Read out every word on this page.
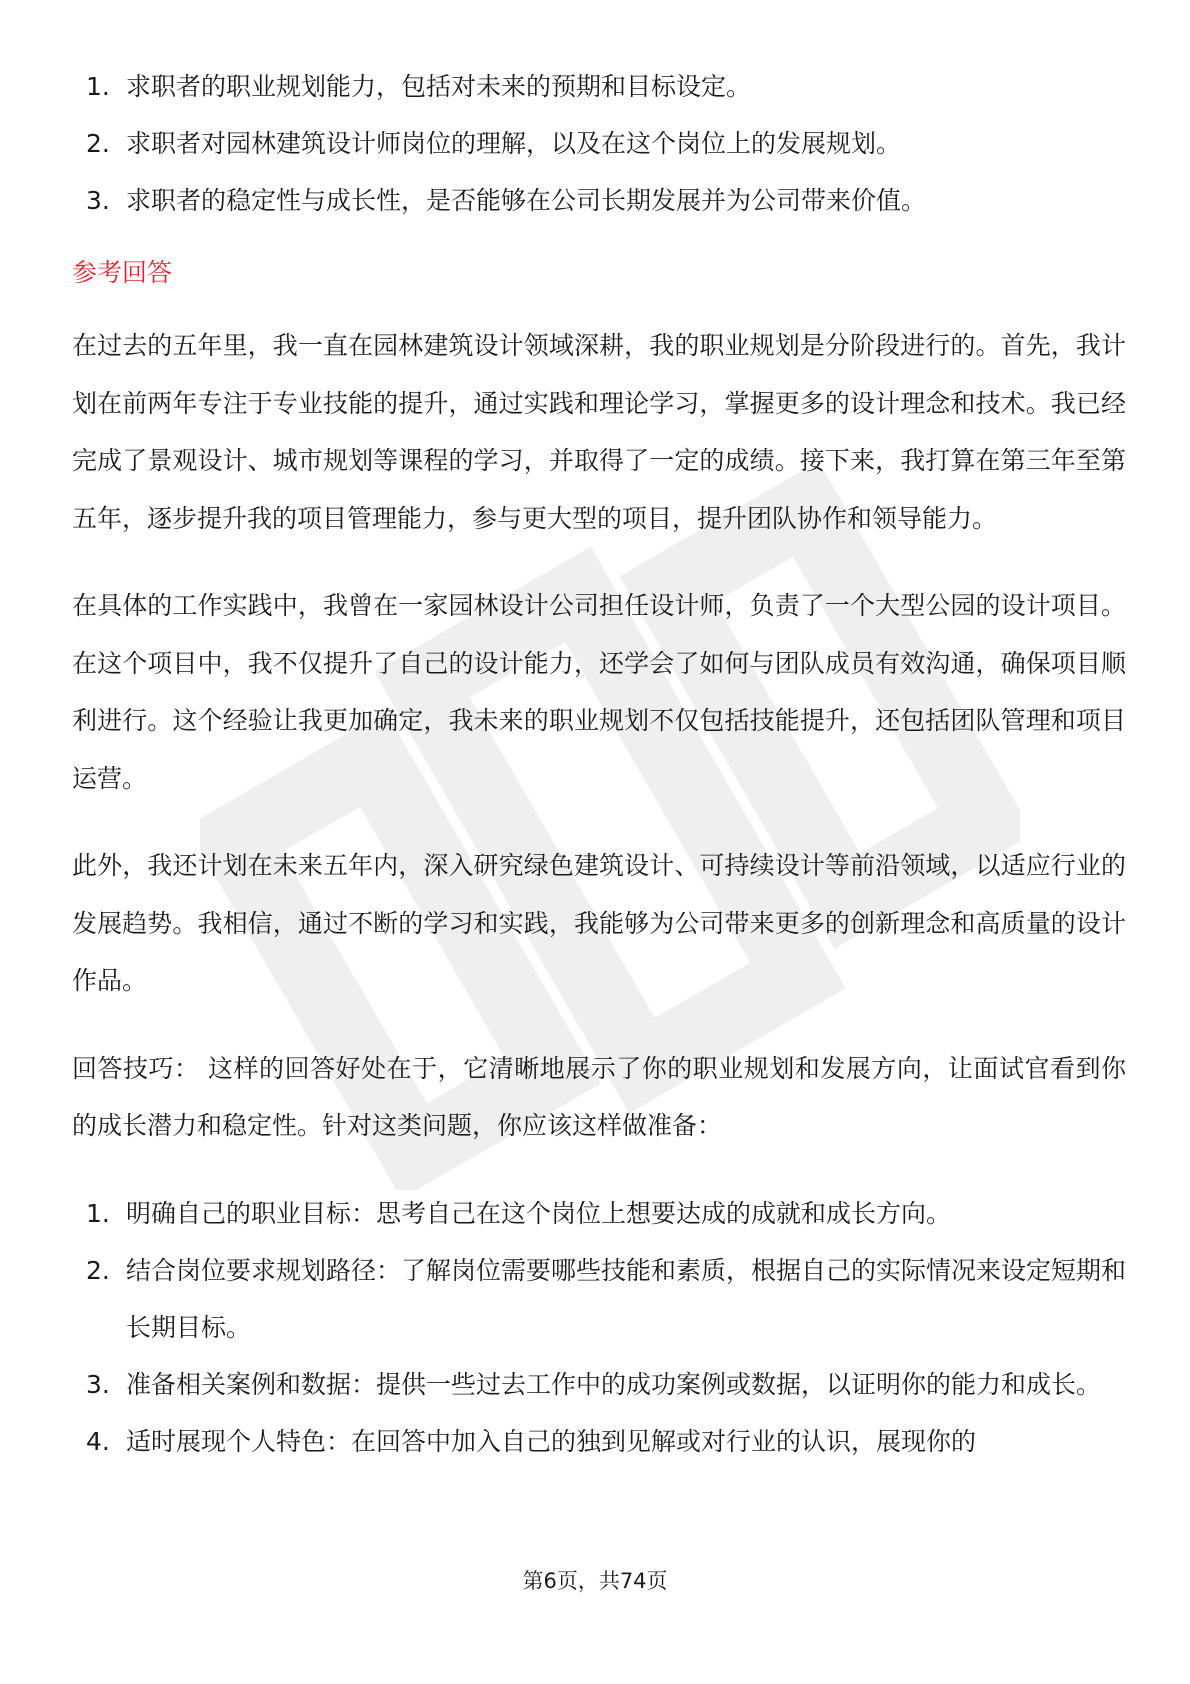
1. 求职者的职业规划能力，包括对未来的预期和目标设定。
2. 求职者对园林建筑设计师岗位的理解，以及在这个岗位上的发展规划。
3. 求职者的稳定性与成长性，是否能够在公司长期发展并为公司带来价值。
参考回答

在过去的五年里，我一直在园林建筑设计领域深耕，我的职业规划是分阶段进行的。首先，我计划在前两年专注于专业技能的提升，通过实践和理论学习，掌握更多的设计理念和技术。我已经完成了景观设计、城市规划等课程的学习，并取得了一定的成绩。接下来，我打算在第三年至第五年，逐步提升我的项目管理能力，参与更大型的项目，提升团队协作和领导能力。

在具体的工作实践中，我曾在一家园林设计公司担任设计师，负责了一个大型公园的设计项目。在这个项目中，我不仅提升了自己的设计能力，还学会了如何与团队成员有效沟通，确保项目顺利进行。这个经验让我更加确定，我未来的职业规划不仅包括技能提升，还包括团队管理和项目运营。

此外，我还计划在未来五年内，深入研究绿色建筑设计、可持续设计等前沿领域，以适应行业的发展趋势。我相信，通过不断的学习和实践，我能够为公司带来更多的创新理念和高质量的设计作品。

回答技巧： 这样的回答好处在于，它清晰地展示了你的职业规划和发展方向，让面试官看到你的成长潜力和稳定性。针对这类问题，你应该这样做准备：

1. 明确自己的职业目标：思考自己在这个岗位上想要达成的成就和成长方向。
2. 结合岗位要求规划路径：了解岗位需要哪些技能和素质，根据自己的实际情况来设定短期和长期目标。
3. 准备相关案例和数据：提供一些过去工作中的成功案例或数据，以证明你的能力和成长。
4. 适时展现个人特色：在回答中加入自己的独到见解或对行业的认识，展现你的
第6页，共74页
